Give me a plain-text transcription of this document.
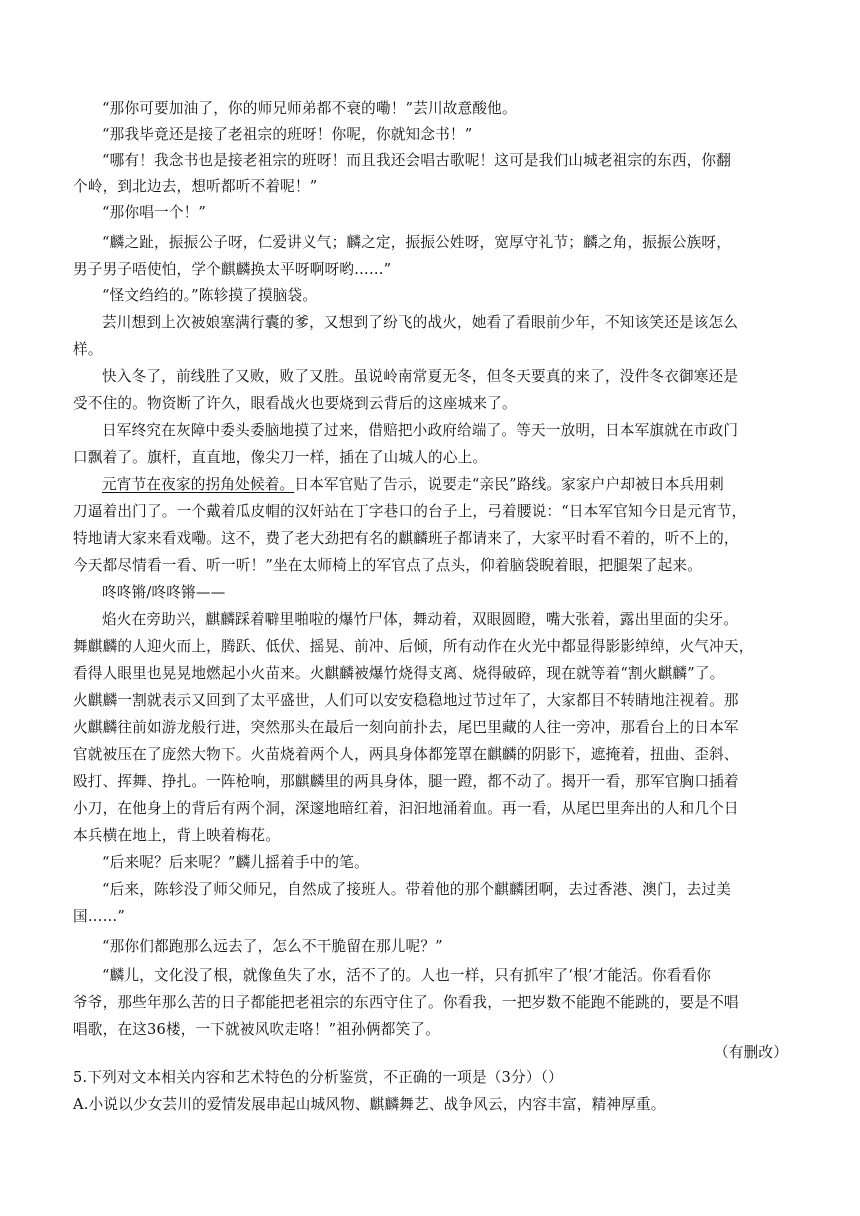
“那你可要加油了，你的师兄师弟都不衰的嘞！”芸川故意酸他。
“那我毕竟还是接了老祖宗的班呀！你呢，你就知念书！”
“哪有！我念书也是接老祖宗的班呀！而且我还会唱古歌呢！这可是我们山城老祖宗的东西，你翻
个岭，到北边去，想听都听不着呢！”
“那你唱一个！”
“麟之趾，振振公子呀，仁爱讲义气；麟之定，振振公姓呀，宽厚守礼节；麟之角，振振公族呀，
男子男子唔使怕，学个麒麟换太平呀啊呀哟……”
“怪文绉绉的。”陈轸摸了摸脑袋。
芸川想到上次被娘塞满行囊的爹，又想到了纷飞的战火，她看了看眼前少年，不知该笑还是该怎么
样。
快入冬了，前线胜了又败，败了又胜。虽说岭南常夏无冬，但冬天要真的来了，没件冬衣御寒还是
受不住的。物资断了许久，眼看战火也要烧到云背后的这座城来了。
日军终究在灰障中委头委脑地摸了过来，借赔把小政府给端了。等天一放明，日本军旗就在市政门
口飘着了。旗杆，直直地，像尖刀一样，插在了山城人的心上。
元宵节在夜家的拐角处候着。日本军官贴了告示，说要走“亲民”路线。家家户户却被日本兵用刺
刀逼着出门了。一个戴着瓜皮帽的汉奸站在丁字巷口的台子上，弓着腰说：“日本军官知今日是元宵节，
特地请大家来看戏嘞。这不，费了老大劲把有名的麒麟班子都请来了，大家平时看不着的，听不上的，
今天都尽情看一看、听一听！”坐在太师椅上的军官点了点头，仰着脑袋睨着眼，把腿架了起来。
咚咚锵/咚咚锵——
焰火在旁助兴，麒麟踩着噼里啪啦的爆竹尸体，舞动着，双眼圆瞪，嘴大张着，露出里面的尖牙。
舞麒麟的人迎火而上，腾跃、低伏、摇晃、前冲、后倾，所有动作在火光中都显得影影绰绰，火气冲天，
看得人眼里也晃晃地燃起小火苗来。火麒麟被爆竹烧得支离、烧得破碎，现在就等着“割火麒麟”了。
火麒麟一割就表示又回到了太平盛世，人们可以安安稳稳地过节过年了，大家都目不转睛地注视着。那
火麒麟往前如游龙般行进，突然那头在最后一刻向前扑去，尾巴里藏的人往一旁冲，那看台上的日本军
官就被压在了庞然大物下。火苗烧着两个人，两具身体都笼罩在麒麟的阴影下，遮掩着，扭曲、歪斜、
殴打、挥舞、挣扎。一阵枪响，那麒麟里的两具身体，腿一蹬，都不动了。揭开一看，那军官胸口插着
小刀，在他身上的背后有两个洞，深邃地暗红着，汩汩地涌着血。再一看，从尾巴里奔出的人和几个日
本兵横在地上，背上映着梅花。
“后来呢？后来呢？”麟儿摇着手中的笔。
“后来，陈轸没了师父师兄，自然成了接班人。带着他的那个麒麟团啊，去过香港、澳门，去过美
国……”
“那你们都跑那么远去了，怎么不干脆留在那儿呢？”
“麟儿，文化没了根，就像鱼失了水，活不了的。人也一样，只有抓牢了‘根’才能活。你看看你
爷爷，那些年那么苦的日子都能把老祖宗的东西守住了。你看我，一把岁数不能跑不能跳的，要是不唱
唱歌，在这36楼，一下就被风吹走咯！”祖孙俩都笑了。
（有删改）
5.下列对文本相关内容和艺术特色的分析鉴赏，不正确的一项是（3分）（）
A.小说以少女芸川的爱情发展串起山城风物、麒麟舞艺、战争风云，内容丰富，精神厚重。
